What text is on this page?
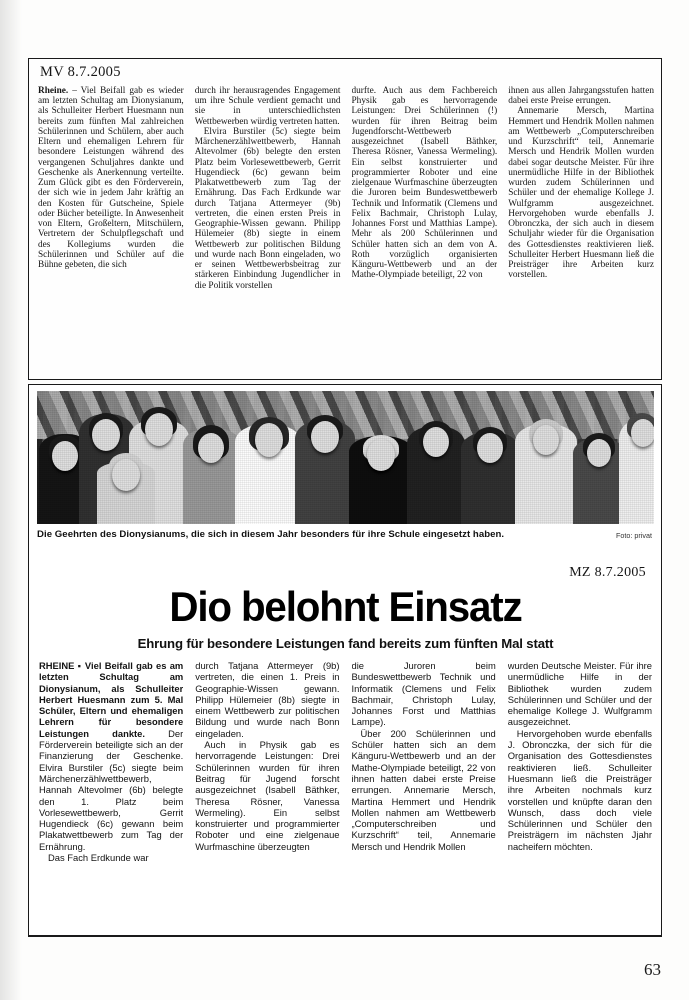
MV 8.7.2005

Rheine. – Viel Beifall gab es wieder am letzten Schultag am Dionysianum, als Schulleiter Herbert Huesmann nun bereits zum fünften Mal zahlreichen Schülerinnen und Schülern, aber auch Eltern und ehemaligen Lehrern für besondere Leistungen während des vergangenen Schuljahres dankte und Geschenke als Anerkennung verteilte. Zum Glück gibt es den Förderverein, der sich wie in jedem Jahr kräftig an den Kosten für Gutscheine, Spiele oder Bücher beteiligte. In Anwesenheit von Eltern, Großeltern, Mitschülern, Vertretern der Schulpflegschaft und des Kollegiums wurden die Schülerinnen und Schüler auf die Bühne gebeten, die sich

durch ihr herausragendes Engagement um ihre Schule verdient gemacht und sie in unterschiedlichsten Wettbewerben würdig vertreten hatten.

Elvira Burstiler (5c) siegte beim Märchenerzählwettbewerb, Hannah Altevolmer (6b) belegte den ersten Platz beim Vorlesewettbewerb, Gerrit Hugendieck (6c) gewann beim Plakatwettbewerb zum Tag der Ernährung. Das Fach Erdkunde war durch Tatjana Attermeyer (9b) vertreten, die einen ersten Preis in Geographie-Wissen gewann. Philipp Hülemeier (8b) siegte in einem Wettbewerb zur politischen Bildung und wurde nach Bonn eingeladen, wo er seinen Wettbewerbsbeitrag zur stärkeren Einbindung Jugendlicher in die Politik vorstellen

durfte. Auch aus dem Fachbereich Physik gab es hervorragende Leistungen: Drei Schülerinnen (!) wurden für ihren Beitrag beim Jugendforscht-Wettbewerb ausgezeichnet (Isabell Bäthker, Theresa Rösner, Vanessa Wermeling). Ein selbst konstruierter und programmierter Roboter und eine zielgenaue Wurfmaschine überzeugten die Juroren beim Bundeswettbewerb Technik und Informatik (Clemens und Felix Bachmair, Christoph Lulay, Johannes Forst und Matthias Lampe). Mehr als 200 Schülerinnen und Schüler hatten sich an dem von A. Roth vorzüglich organisierten Känguru-Wettbewerb und an der Mathe-Olympiade beteiligt, 22 von

ihnen aus allen Jahrgangsstufen hatten dabei erste Preise errungen.

Annemarie Mersch, Martina Hemmert und Hendrik Mollen nahmen am Wettbewerb „Computerschreiben und Kurzschrift“ teil, Annemarie Mersch und Hendrik Mollen wurden dabei sogar deutsche Meister. Für ihre unermüdliche Hilfe in der Bibliothek wurden zudem Schülerinnen und Schüler und der ehemalige Kollege J. Wulfgramm ausgezeichnet. Hervorgehoben wurde ebenfalls J. Obronczka, der sich auch in diesem Schuljahr wieder für die Organisation des Gottesdienstes reaktivieren ließ. Schulleiter Herbert Huesmann ließ die Preisträger ihre Arbeiten kurz vorstellen.

Die Geehrten des Dionysianums, die sich in diesem Jahr besonders für ihre Schule eingesetzt haben.	Foto: privat
MZ 8.7.2005
Dio belohnt Einsatz
Ehrung für besondere Leistungen fand bereits zum fünften Mal statt

RHEINE ▪ Viel Beifall gab es am letzten Schultag am Dionysianum, als Schulleiter Herbert Huesmann zum 5. Mal Schüler, Eltern und ehemaligen Lehrern für besondere Leistungen dankte. Der Förderverein beteiligte sich an der Finanzierung der Geschenke. Elvira Burstiler (5c) siegte beim Märchenerzählwettbewerb, Hannah Altevolmer (6b) belegte den 1. Platz beim Vorlesewettbewerb, Gerrit Hugendieck (6c) gewann beim Plakatwettbewerb zum Tag der Ernährung.

Das Fach Erdkunde war

durch Tatjana Attermeyer (9b) vertreten, die einen 1. Preis in Geographie-Wissen gewann. Philipp Hülemeier (8b) siegte in einem Wettbewerb zur politischen Bildung und wurde nach Bonn eingeladen.

Auch in Physik gab es hervorragende Leistungen: Drei Schülerinnen wurden für ihren Beitrag für Jugend forscht ausgezeichnet (Isabell Bäthker, Theresa Rösner, Vanessa Wermeling). Ein selbst konstruierter und programmierter Roboter und eine zielgenaue Wurfmaschine überzeugten

die Juroren beim Bundeswettbewerb Technik und Informatik (Clemens und Felix Bachmair, Christoph Lulay, Johannes Forst und Matthias Lampe).

Über 200 Schülerinnen und Schüler hatten sich an dem Känguru-Wettbewerb und an der Mathe-Olympiade beteiligt, 22 von ihnen hatten dabei erste Preise errungen. Annemarie Mersch, Martina Hemmert und Hendrik Mollen nahmen am Wettbewerb „Computerschreiben und Kurzschrift“ teil, Annemarie Mersch und Hendrik Mollen

wurden Deutsche Meister. Für ihre unermüdliche Hilfe in der Bibliothek wurden zudem Schülerinnen und Schüler und der ehemalige Kollege J. Wulfgramm ausgezeichnet.

Hervorgehoben wurde ebenfalls J. Obronczka, der sich für die Organisation des Gottesdienstes reaktivieren ließ. Schulleiter Huesmann ließ die Preisträger ihre Arbeiten nochmals kurz vorstellen und knüpfte daran den Wunsch, dass doch viele Schülerinnen und Schüler den Preisträgern im nächsten Jjahr nacheifern möchten.

63
